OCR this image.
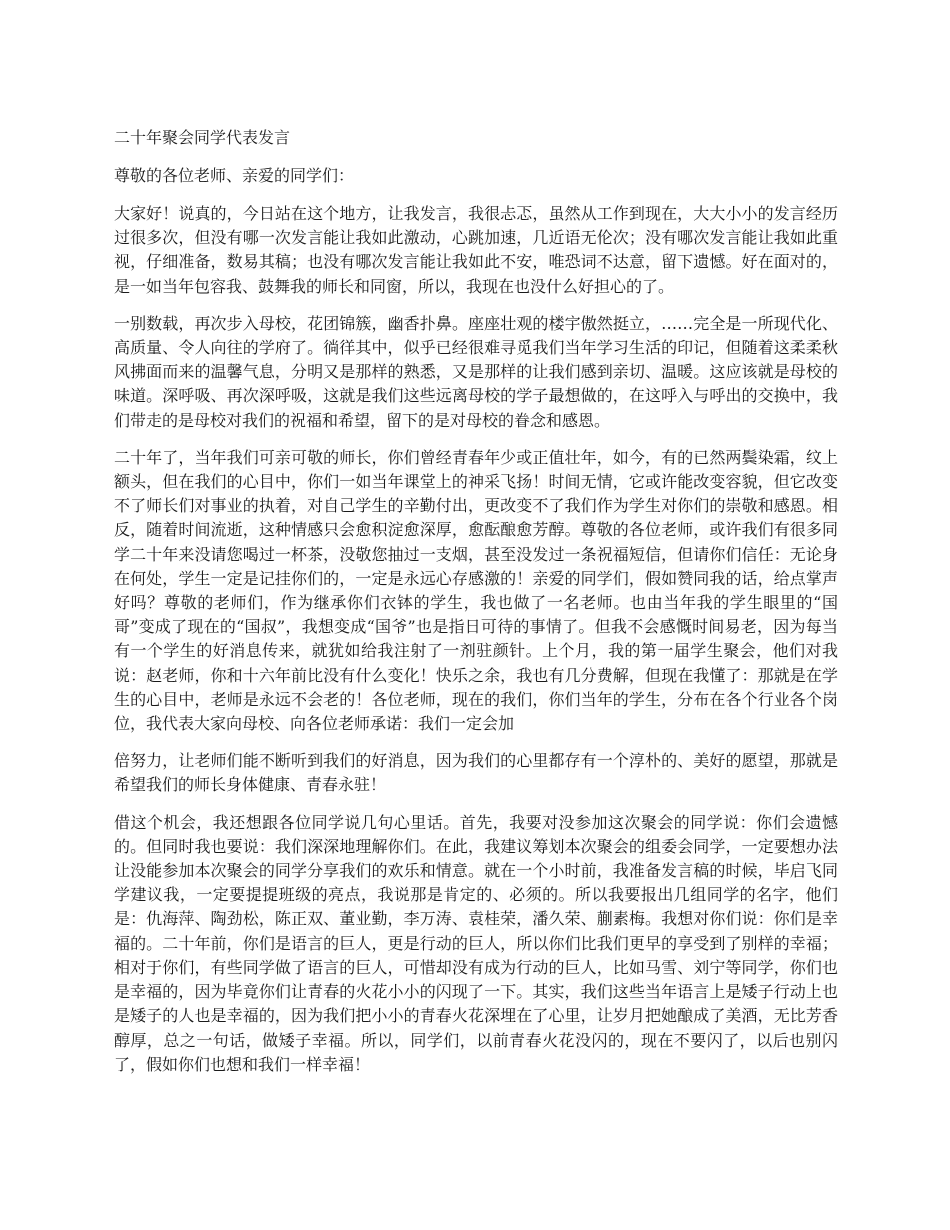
二十年聚会同学代表发言
尊敬的各位老师、亲爱的同学们：

大家好！说真的，今日站在这个地方，让我发言，我很忐忑，虽然从工作到现在，大大小小的发言经历过很多次，但没有哪一次发言能让我如此激动，心跳加速，几近语无伦次；没有哪次发言能让我如此重视，仔细准备，数易其稿；也没有哪次发言能让我如此不安，唯恐词不达意，留下遗憾。好在面对的，是一如当年包容我、鼓舞我的师长和同窗，所以，我现在也没什么好担心的了。

一别数载，再次步入母校，花团锦簇，幽香扑鼻。座座壮观的楼宇傲然挺立，……完全是一所现代化、高质量、令人向往的学府了。徜徉其中，似乎已经很难寻觅我们当年学习生活的印记，但随着这柔柔秋风拂面而来的温馨气息，分明又是那样的熟悉，又是那样的让我们感到亲切、温暖。这应该就是母校的味道。深呼吸、再次深呼吸，这就是我们这些远离母校的学子最想做的，在这呼入与呼出的交换中，我们带走的是母校对我们的祝福和希望，留下的是对母校的眷念和感恩。

二十年了，当年我们可亲可敬的师长，你们曾经青春年少或正值壮年，如今，有的已然两鬓染霜，纹上额头，但在我们的心目中，你们一如当年课堂上的神采飞扬！时间无情，它或许能改变容貌，但它改变不了师长们对事业的执着，对自己学生的辛勤付出，更改变不了我们作为学生对你们的崇敬和感恩。相反，随着时间流逝，这种情感只会愈积淀愈深厚，愈酝酿愈芳醇。尊敬的各位老师，或许我们有很多同学二十年来没请您喝过一杯茶，没敬您抽过一支烟，甚至没发过一条祝福短信，但请你们信任：无论身在何处，学生一定是记挂你们的，一定是永远心存感激的！亲爱的同学们，假如赞同我的话，给点掌声好吗？尊敬的老师们，作为继承你们衣钵的学生，我也做了一名老师。也由当年我的学生眼里的“国哥”变成了现在的“国叔”，我想变成“国爷”也是指日可待的事情了。但我不会感慨时间易老，因为每当有一个学生的好消息传来，就犹如给我注射了一剂驻颜针。上个月，我的第一届学生聚会，他们对我说：赵老师，你和十六年前比没有什么变化！快乐之余，我也有几分费解，但现在我懂了：那就是在学生的心目中，老师是永远不会老的！各位老师，现在的我们，你们当年的学生，分布在各个行业各个岗位，我代表大家向母校、向各位老师承诺：我们一定会加

倍努力，让老师们能不断听到我们的好消息，因为我们的心里都存有一个淳朴的、美好的愿望，那就是希望我们的师长身体健康、青春永驻！

借这个机会，我还想跟各位同学说几句心里话。首先，我要对没参加这次聚会的同学说：你们会遗憾的。但同时我也要说：我们深深地理解你们。在此，我建议筹划本次聚会的组委会同学，一定要想办法让没能参加本次聚会的同学分享我们的欢乐和情意。就在一个小时前，我准备发言稿的时候，毕启飞同学建议我，一定要提提班级的亮点，我说那是肯定的、必须的。所以我要报出几组同学的名字，他们是：仇海萍、陶劲松，陈正双、董业勤，李万涛、袁桂荣，潘久荣、蒯素梅。我想对你们说：你们是幸福的。二十年前，你们是语言的巨人，更是行动的巨人，所以你们比我们更早的享受到了别样的幸福；相对于你们，有些同学做了语言的巨人，可惜却没有成为行动的巨人，比如马雪、刘宁等同学，你们也是幸福的，因为毕竟你们让青春的火花小小的闪现了一下。其实，我们这些当年语言上是矮子行动上也是矮子的人也是幸福的，因为我们把小小的青春火花深埋在了心里，让岁月把她酿成了美酒，无比芳香醇厚，总之一句话，做矮子幸福。所以，同学们，以前青春火花没闪的，现在不要闪了，以后也别闪了，假如你们也想和我们一样幸福！
